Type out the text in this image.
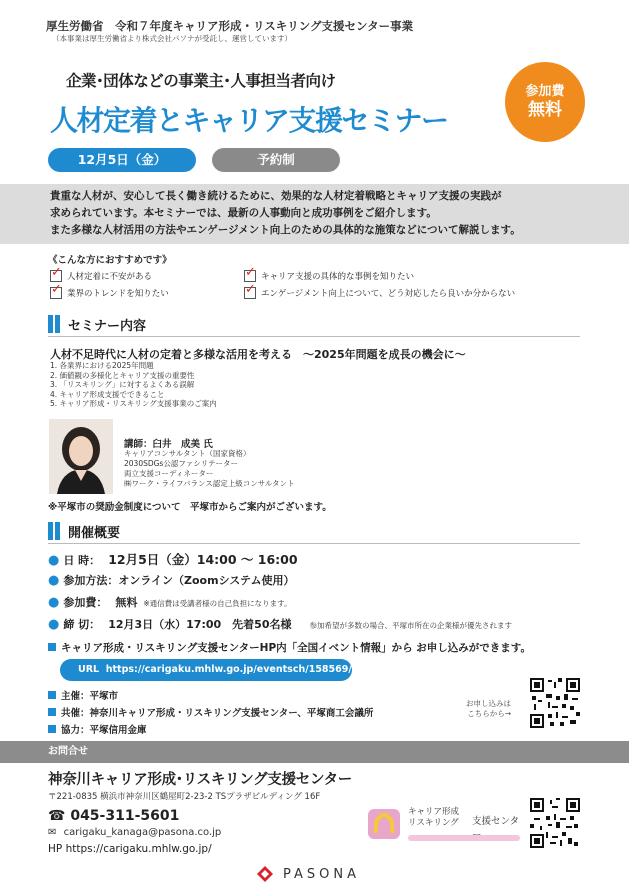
厚生労働省　令和７年度キャリア形成・リスキリング支援センター事業
（本事業は厚生労働省より株式会社パソナが受託し、運営しています）
企業･団体などの事業主･人事担当者向け
人材定着とキャリア支援セミナー
参加費
無料
12月5日（金）	予約制
貴重な人材が、安心して長く働き続けるために、効果的な人材定着戦略とキャリア支援の実践が
求められています。本セミナーでは、最新の人事動向と成功事例をご紹介します。
また多様な人材活用の方法やエンゲージメント向上のための具体的な施策などについて解説します。
《こんな方におすすめです》
✓
人材定着に不安がある ✓	キャリア支援の具体的な事例を知りたい
✓
業界のトレンドを知りたい ✓	エンゲージメント向上について、どう対応したら良いか分からない
セミナー内容
人材不足時代に人材の定着と多様な活用を考える　～2025年問題を成長の機会に～
1. 各業界における2025年問題
2. 価値観の多様化とキャリア支援の重要性
3. 「リスキリング」に対するよくある誤解
4. キャリア形成支援でできること
5. キャリア形成・リスキリング支援事業のご案内
講師：臼井　成美 氏
キャリアコンサルタント（国家資格）
2030SDGs公認ファシリテーター
両立支援コーディネーター
㈱ワーク・ライフバランス認定上級コンサルタント
※平塚市の奨励金制度について　平塚市からご案内がございます。
開催概要
● 日 時： 12月5日（金）14:00 ～ 16:00
● 参加方法： オンライン（Zoomシステム使用）
● 参加費： 無料 ※通信費は受講者様の自己負担になります。
● 締 切： 12月3日（水）17:00　先着50名様 参加希望が多数の場合、平塚市所在の企業様が優先されます
キャリア形成・リスキリング支援センターHP内「全国イベント情報」から お申し込みができます。
URL https://carigaku.mhlw.go.jp/eventsch/158569/
主催：平塚市
共催：神奈川キャリア形成・リスキリング支援センター、平塚商工会議所
協力：平塚信用金庫
お申し込みは
こちらから→
お問合せ
神奈川キャリア形成･リスキリング支援センター
〒221-0835 横浜市神奈川区鶴屋町2-23-2 TSプラザビルディング 16F
☎ 045-311-5601
✉ carigaku_kanaga@pasona.co.jp
HP https://carigaku.mhlw.go.jp/
キャリア形成
リスキリング 支援センタ
PASONA
